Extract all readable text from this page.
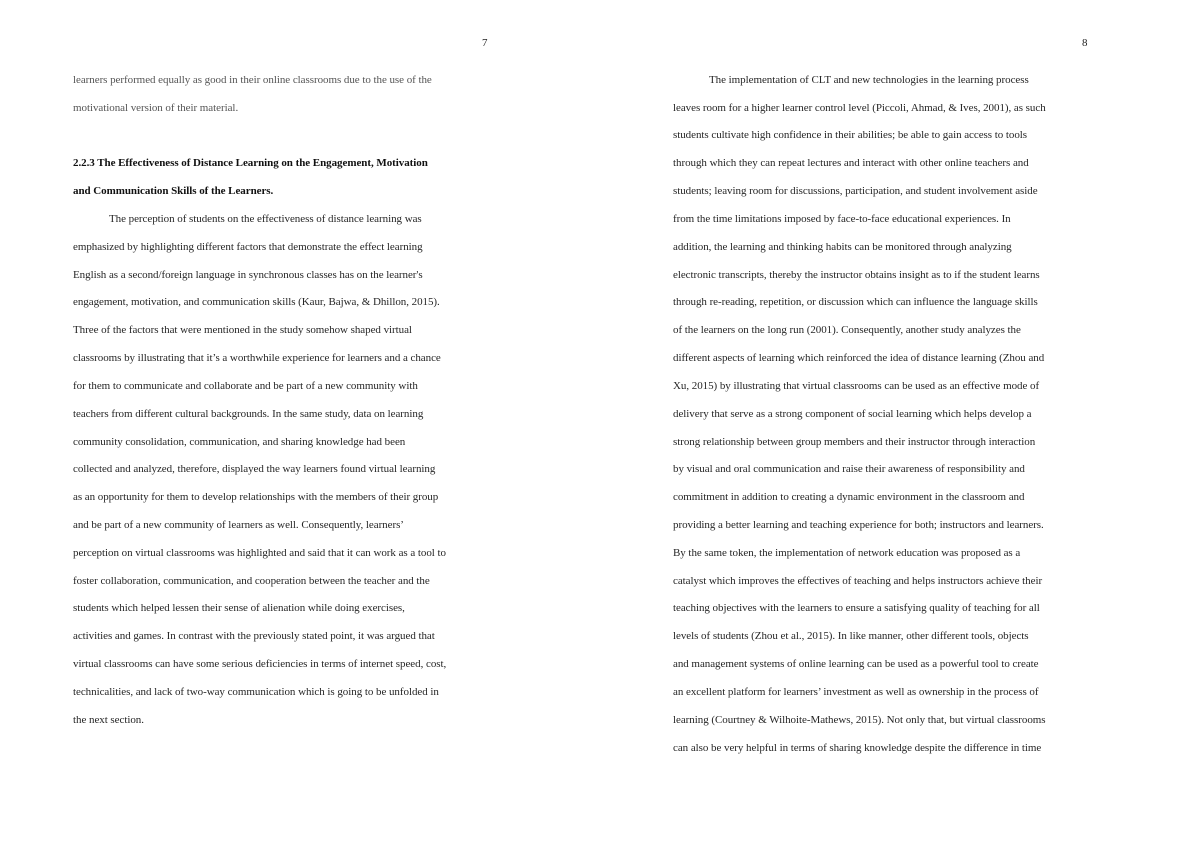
7
learners performed equally as good in their online classrooms due to the use of the
motivational version of their material.
2.2.3 The Effectiveness of Distance Learning on the Engagement, Motivation
and Communication Skills of the Learners.
The perception of students on the effectiveness of distance learning was
emphasized by highlighting different factors that demonstrate the effect learning
English as a second/foreign language in synchronous classes has on the learner's
engagement, motivation, and communication skills (Kaur, Bajwa, & Dhillon, 2015).
Three of the factors that were mentioned in the study somehow shaped virtual
classrooms by illustrating that it’s a worthwhile experience for learners and a chance
for them to communicate and collaborate and be part of a new community with
teachers from different cultural backgrounds. In the same study, data on learning
community consolidation, communication, and sharing knowledge had been
collected and analyzed, therefore, displayed the way learners found virtual learning
as an opportunity for them to develop relationships with the members of their group
and be part of a new community of learners as well. Consequently, learners’
perception on virtual classrooms was highlighted and said that it can work as a tool to
foster collaboration, communication, and cooperation between the teacher and the
students which helped lessen their sense of alienation while doing exercises,
activities and games. In contrast with the previously stated point, it was argued that
virtual classrooms can have some serious deficiencies in terms of internet speed, cost,
technicalities, and lack of two-way communication which is going to be unfolded in
the next section.
8
The implementation of CLT and new technologies in the learning process
leaves room for a higher learner control level (Piccoli, Ahmad, & Ives, 2001), as such
students cultivate high confidence in their abilities; be able to gain access to tools
through which they can repeat lectures and interact with other online teachers and
students; leaving room for discussions, participation, and student involvement aside
from the time limitations imposed by face-to-face educational experiences. In
addition, the learning and thinking habits can be monitored through analyzing
electronic transcripts, thereby the instructor obtains insight as to if the student learns
through re-reading, repetition, or discussion which can influence the language skills
of the learners on the long run (2001). Consequently, another study analyzes the
different aspects of learning which reinforced the idea of distance learning (Zhou and
Xu, 2015) by illustrating that virtual classrooms can be used as an effective mode of
delivery that serve as a strong component of social learning which helps develop a
strong relationship between group members and their instructor through interaction
by visual and oral communication and raise their awareness of responsibility and
commitment in addition to creating a dynamic environment in the classroom and
providing a better learning and teaching experience for both; instructors and learners.
By the same token, the implementation of network education was proposed as a
catalyst which improves the effectives of teaching and helps instructors achieve their
teaching objectives with the learners to ensure a satisfying quality of teaching for all
levels of students (Zhou et al., 2015). In like manner, other different tools, objects
and management systems of online learning can be used as a powerful tool to create
an excellent platform for learners’ investment as well as ownership in the process of
learning (Courtney & Wilhoite-Mathews, 2015). Not only that, but virtual classrooms
can also be very helpful in terms of sharing knowledge despite the difference in time
